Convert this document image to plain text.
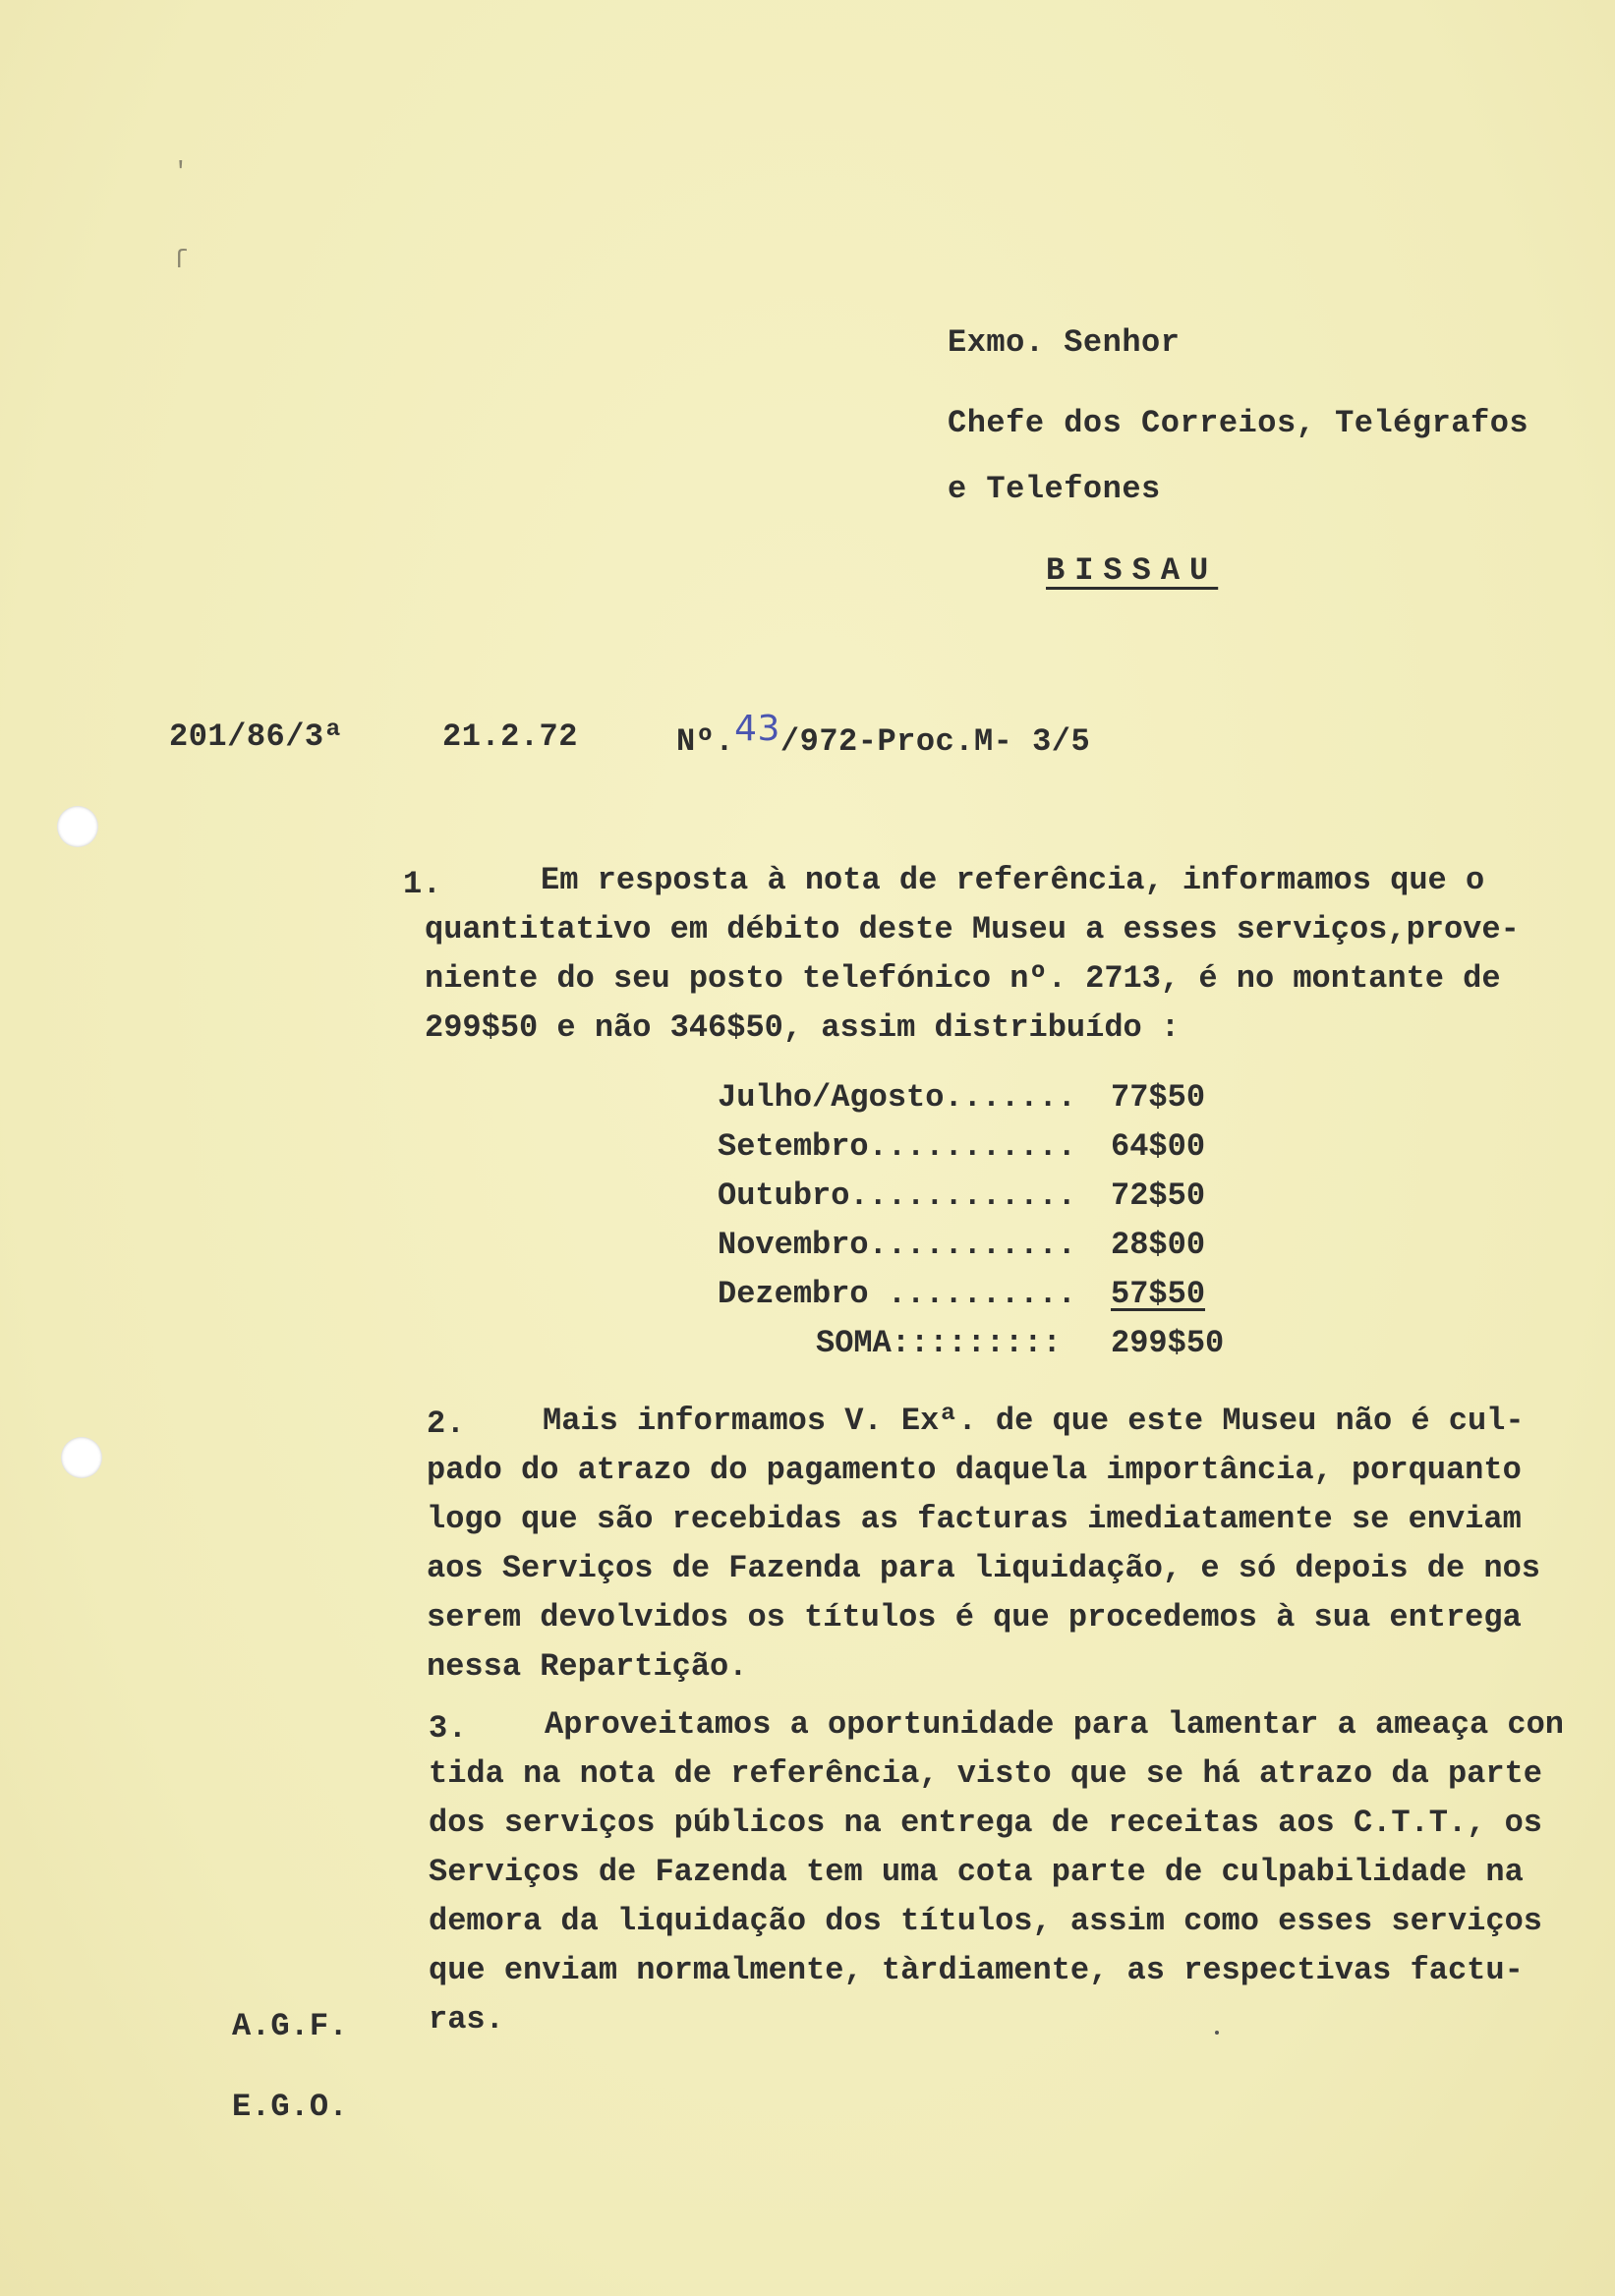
'
ſ
Exmo. Senhor
Chefe dos Correios, Telégrafos
e Telefones
BISSAU
201/86/3ª	21.2.72	Nº.43/972-Proc.M- 3/5
1.	Em resposta à nota de referência, informamos que o
quantitativo em débito deste Museu a esses serviços,prove-
niente do seu posto telefónico nº. 2713, é no montante de
299$50 e não 346$50, assim distribuído :
Julho/Agosto....... 77$50
Setembro........... 64$00
Outubro............ 72$50
Novembro........... 28$00
Dezembro .......... 57$50
SOMA::::::::: 299$50
2. Mais informamos V. Exª. de que este Museu não é cul-
pado do atrazo do pagamento daquela importância, porquanto
logo que são recebidas as facturas imediatamente se enviam
aos Serviços de Fazenda para liquidação, e só depois de nos
serem devolvidos os títulos é que procedemos à sua entrega
nessa Repartição.
3. Aproveitamos a oportunidade para lamentar a ameaça con
tida na nota de referência, visto que se há atrazo da parte
dos serviços públicos na entrega de receitas aos C.T.T., os
Serviços de Fazenda tem uma cota parte de culpabilidade na
demora da liquidação dos títulos, assim como esses serviços
que enviam normalmente, tàrdiamente, as respectivas factu-
ras.
A.G.F.
E.G.O.
